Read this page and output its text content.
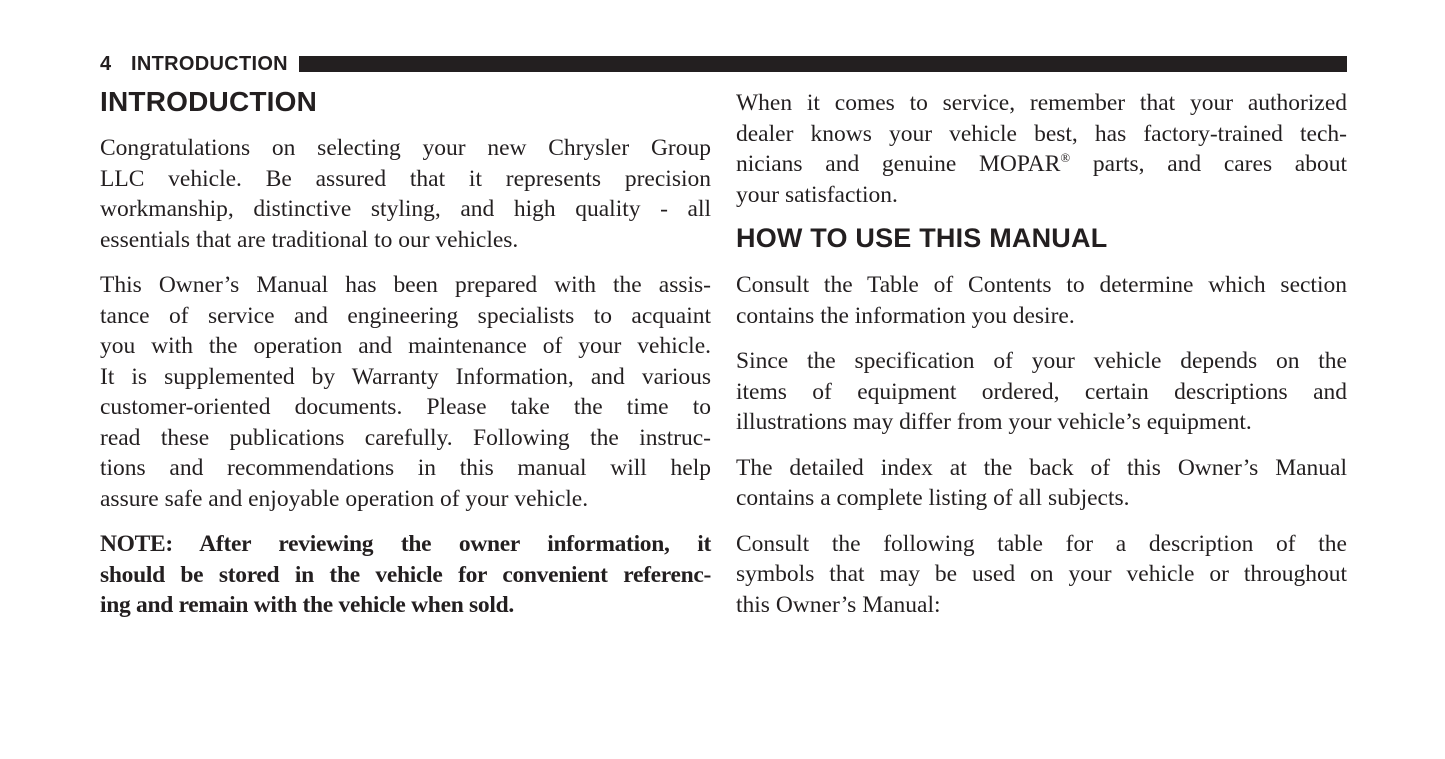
4 INTRODUCTION
INTRODUCTION
Congratulations on selecting your new Chrysler Group
LLC vehicle. Be assured that it represents precision
workmanship, distinctive styling, and high quality - all
essentials that are traditional to our vehicles.
This Owner’s Manual has been prepared with the assis-
tance of service and engineering specialists to acquaint
you with the operation and maintenance of your vehicle.
It is supplemented by Warranty Information, and various
customer-oriented documents. Please take the time to
read these publications carefully. Following the instruc-
tions and recommendations in this manual will help
assure safe and enjoyable operation of your vehicle.
NOTE: After reviewing the owner information, it
should be stored in the vehicle for convenient referenc-
ing and remain with the vehicle when sold.
When it comes to service, remember that your authorized
dealer knows your vehicle best, has factory-trained tech-
nicians and genuine MOPAR® parts, and cares about
your satisfaction.
HOW TO USE THIS MANUAL
Consult the Table of Contents to determine which section
contains the information you desire.
Since the specification of your vehicle depends on the
items of equipment ordered, certain descriptions and
illustrations may differ from your vehicle’s equipment.
The detailed index at the back of this Owner’s Manual
contains a complete listing of all subjects.
Consult the following table for a description of the
symbols that may be used on your vehicle or throughout
this Owner’s Manual:
